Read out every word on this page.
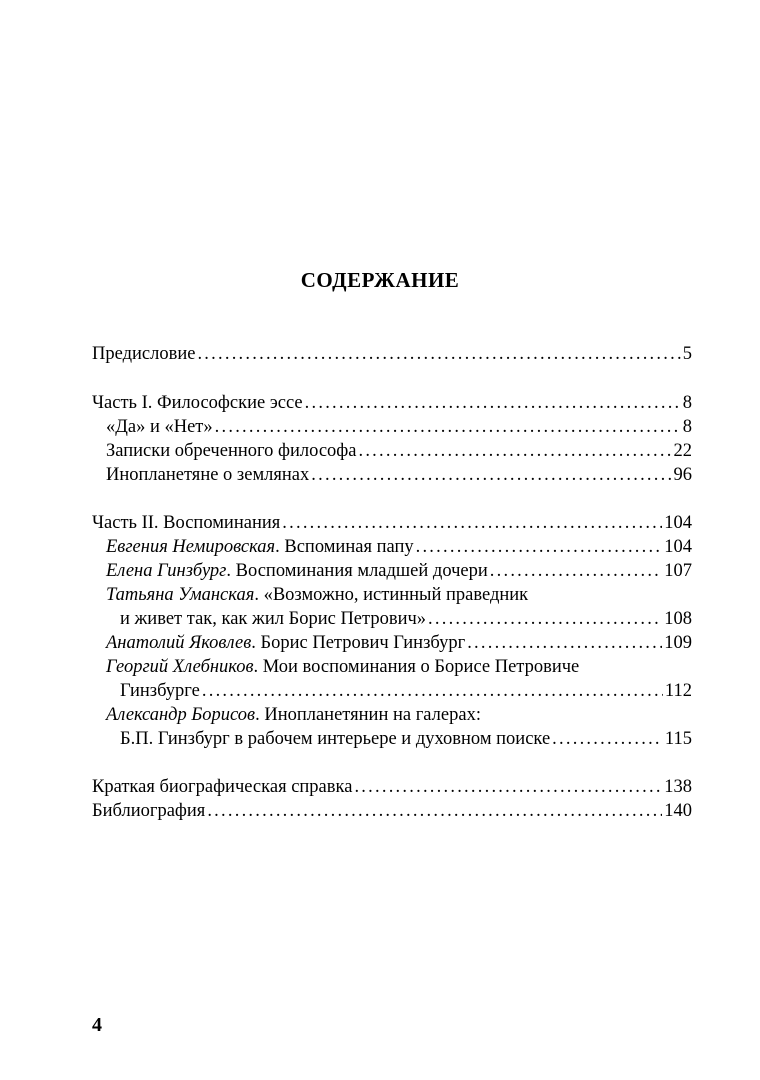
СОДЕРЖАНИЕ
Предисловие . . .	5
Часть I. Философские эссе . . .	8
«Да» и «Нет» . . .	8
Записки обреченного философа . . .	22
Инопланетяне о землянах . . .	96
Часть II. Воспоминания . . .	104
Евгения Немировская. Вспоминая папу . . .	104
Елена Гинзбург. Воспоминания младшей дочери . . .	107
Татьяна Уманская. «Возможно, истинный праведник
и живет так, как жил Борис Петрович» . . .	108
Анатолий Яковлев. Борис Петрович Гинзбург . . .	109
Георгий Хлебников. Мои воспоминания о Борисе Петровиче
Гинзбурге . . .	112
Александр Борисов. Инопланетянин на галерах:
Б.П. Гинзбург в рабочем интерьере и духовном поиске . . .	115
Краткая биографическая справка . . .	138
Библиография . . .	140
4
